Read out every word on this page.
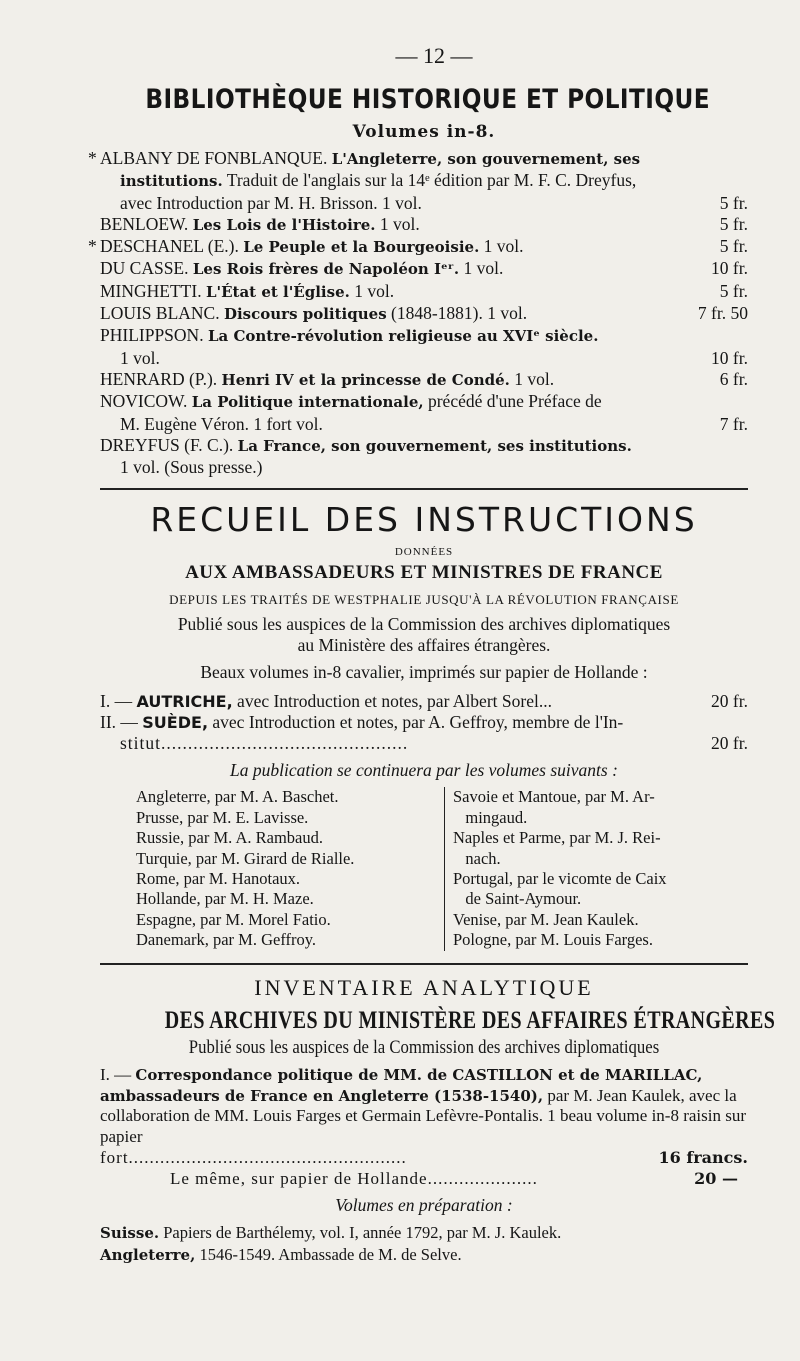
— 12 —
BIBLIOTHÈQUE HISTORIQUE ET POLITIQUE
Volumes in-8.
* ALBANY DE FONBLANQUE. L'Angleterre, son gouvernement, ses
institutions. Traduit de l'anglais sur la 14ᵉ édition par M. F. C. Dreyfus,
avec Introduction par M. H. Brisson. 1 vol.	5 fr.
BENLOEW. Les Lois de l'Histoire. 1 vol.	5 fr.
* DESCHANEL (E.). Le Peuple et la Bourgeoisie. 1 vol.	5 fr.
DU CASSE. Les Rois frères de Napoléon Iᵉʳ. 1 vol.	10 fr.
MINGHETTI. L'État et l'Église. 1 vol.	5 fr.
LOUIS BLANC. Discours politiques (1848-1881). 1 vol.	7 fr. 50
PHILIPPSON. La Contre-révolution religieuse au XVIᵉ siècle.
1 vol.	10 fr.
HENRARD (P.). Henri IV et la princesse de Condé. 1 vol.	6 fr.
NOVICOW. La Politique internationale, précédé d'une Préface de
M. Eugène Véron. 1 fort vol.	7 fr.
DREYFUS (F. C.). La France, son gouvernement, ses institutions.
1 vol. (Sous presse.)
RECUEIL DES INSTRUCTIONS
DONNÉES
AUX AMBASSADEURS ET MINISTRES DE FRANCE
DEPUIS LES TRAITÉS DE WESTPHALIE JUSQU'À LA RÉVOLUTION FRANÇAISE
Publié sous les auspices de la Commission des archives diplomatiques
au Ministère des affaires étrangères.
Beaux volumes in-8 cavalier, imprimés sur papier de Hollande :
I. — AUTRICHE, avec Introduction et notes, par Albert Sorel...	20 fr.
II. — SUÈDE, avec Introduction et notes, par A. Geffroy, membre de l'In-
stitut..............................................	20 fr.
La publication se continuera par les volumes suivants :
Angleterre, par M. A. Baschet.
Prusse, par M. E. Lavisse.
Russie, par M. A. Rambaud.
Turquie, par M. Girard de Rialle.
Rome, par M. Hanotaux.
Hollande, par M. H. Maze.
Espagne, par M. Morel Fatio.
Danemark, par M. Geffroy.
Savoie et Mantoue, par M. Ar-
mingaud.
Naples et Parme, par M. J. Rei-
nach.
Portugal, par le vicomte de Caix
de Saint-Aymour.
Venise, par M. Jean Kaulek.
Pologne, par M. Louis Farges.
INVENTAIRE ANALYTIQUE
DES ARCHIVES DU MINISTÈRE DES AFFAIRES ÉTRANGÈRES
Publié sous les auspices de la Commission des archives diplomatiques
I. — Correspondance politique de MM. de CASTILLON et de MARILLAC, ambassadeurs de France en Angleterre (1538-1540), par M. Jean Kaulek, avec la collaboration de MM. Louis Farges et Germain Lefèvre-Pontalis. 1 beau volume in-8 raisin sur papier
fort.....................................................	16 francs.
Le même, sur papier de Hollande.....................	20 —
Volumes en préparation :
Suisse. Papiers de Barthélemy, vol. I, année 1792, par M. J. Kaulek.
Angleterre, 1546-1549. Ambassade de M. de Selve.
